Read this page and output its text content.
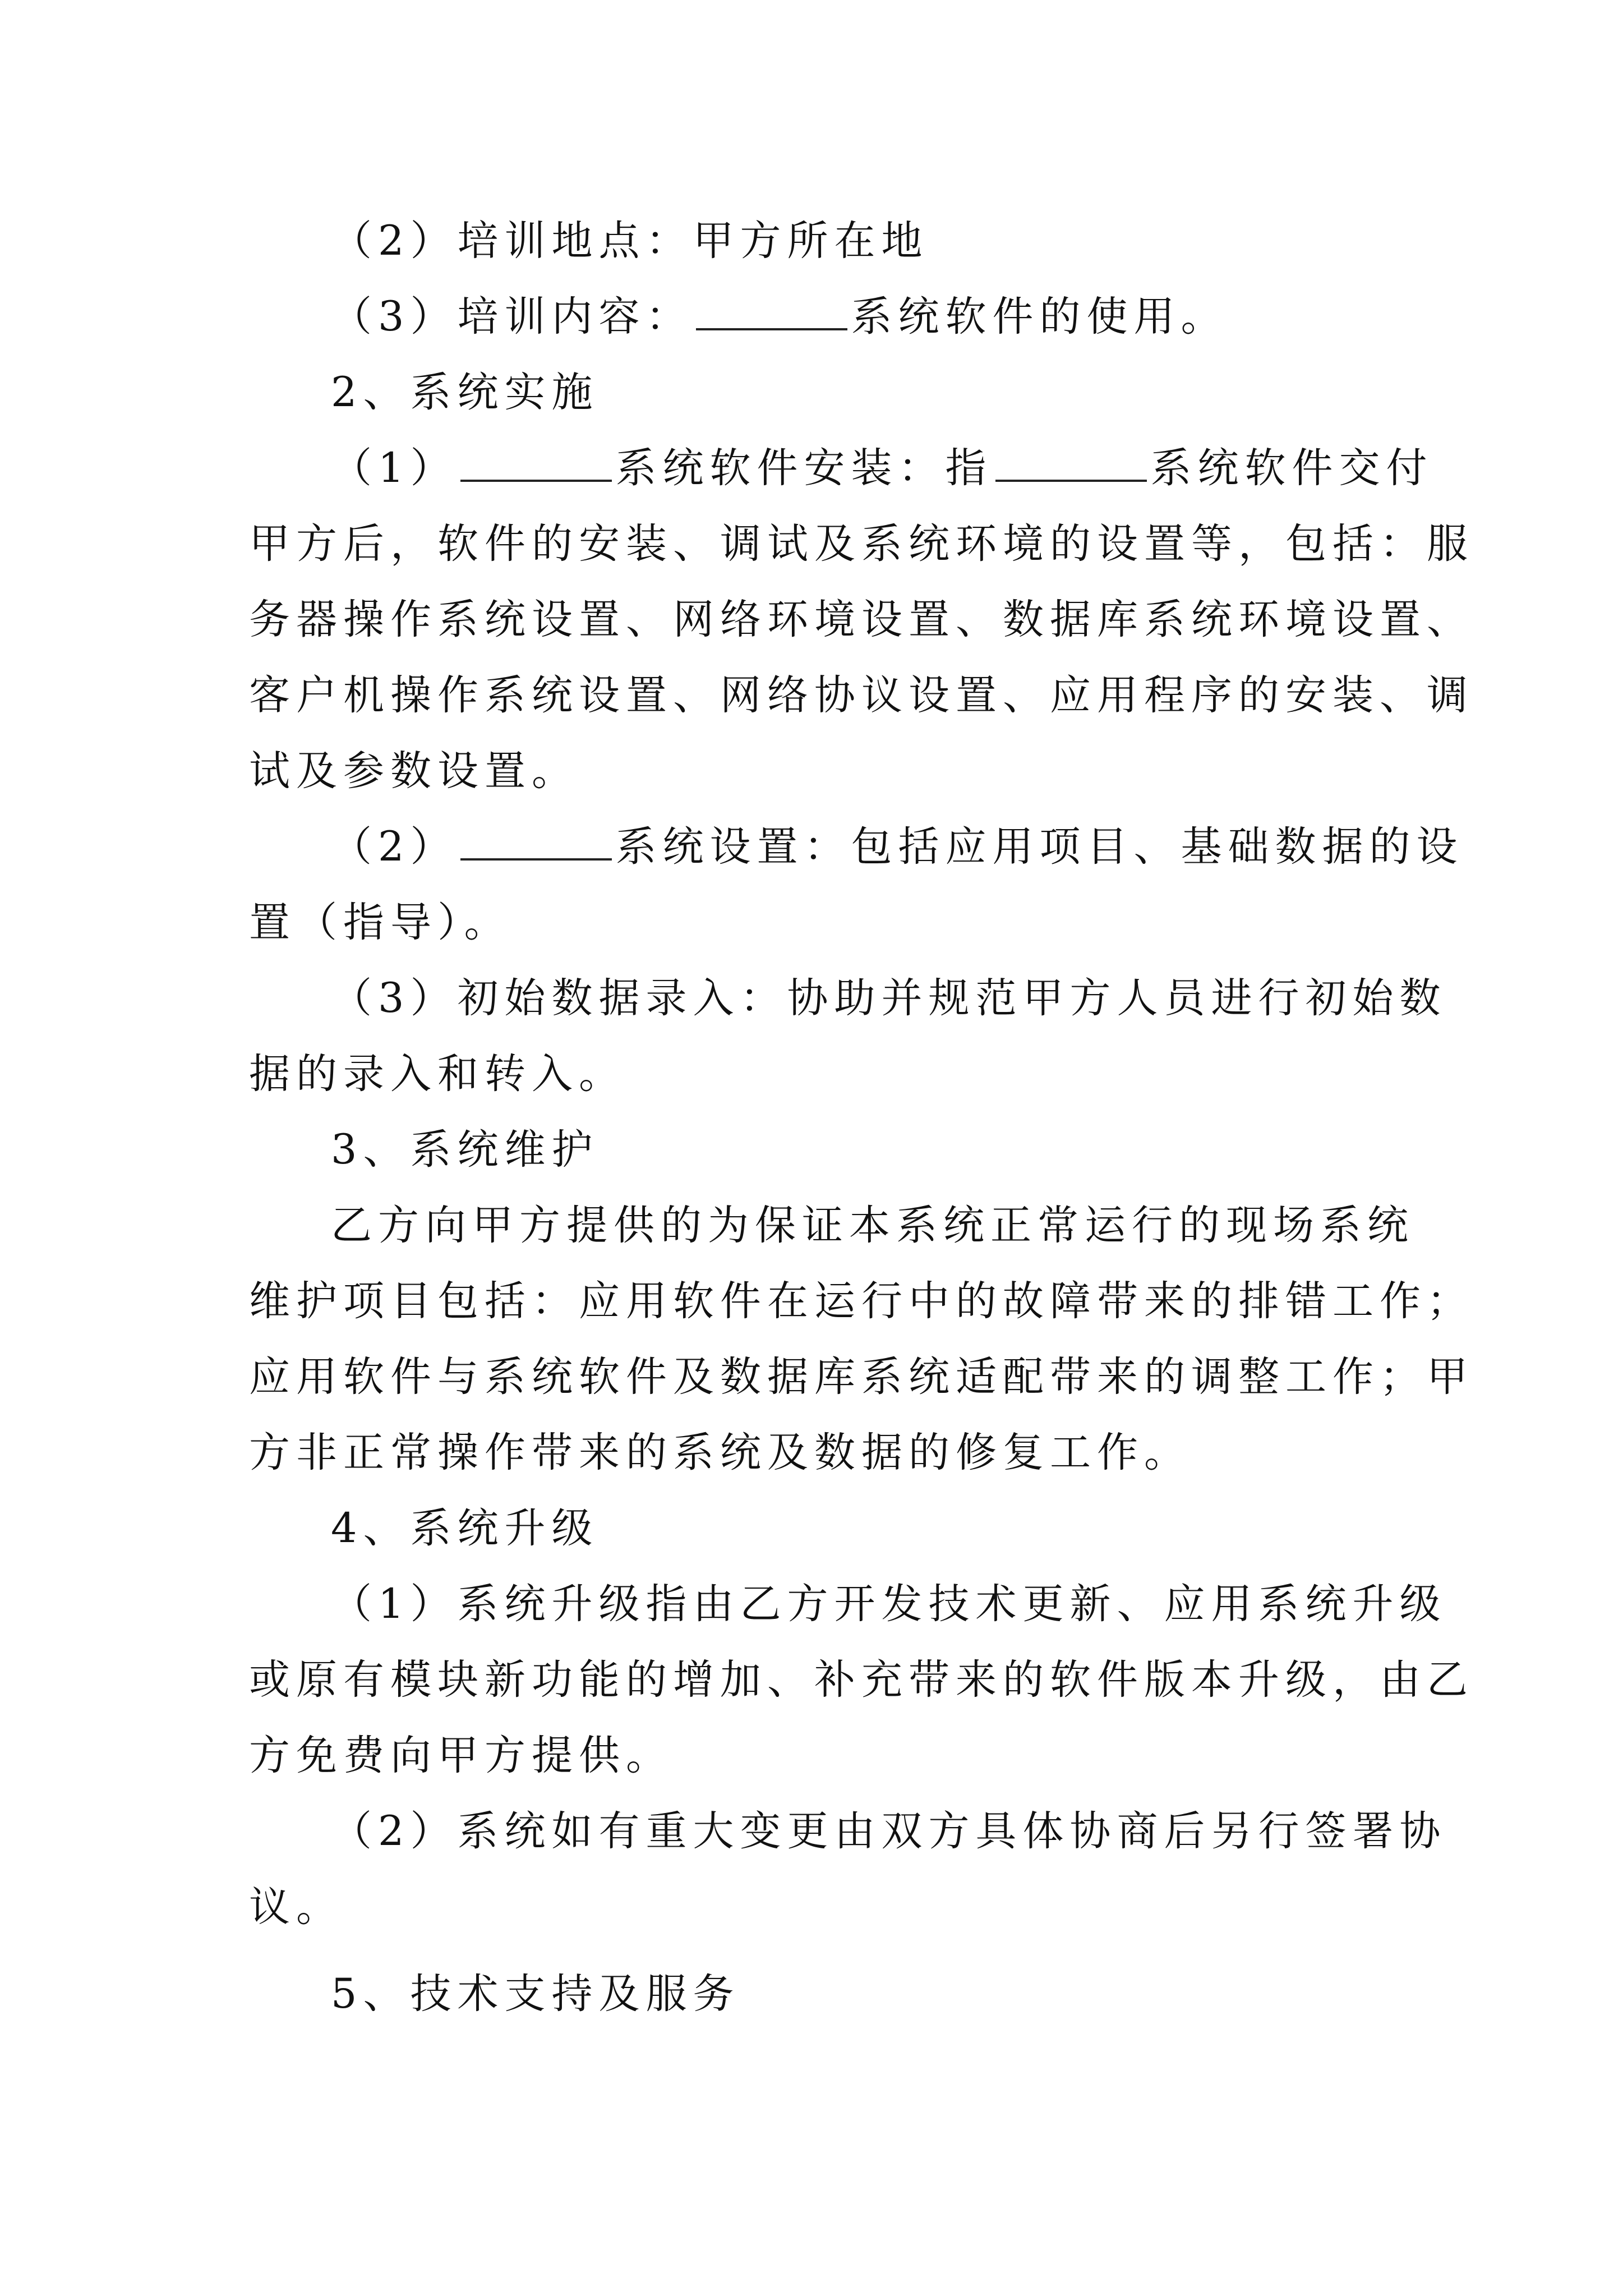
（2）培训地点：甲方所在地
（3）培训内容：	系统软件的使用。
2、系统实施
（1）	系统软件安装：指	系统软件交付
甲方后，软件的安装、调试及系统环境的设置等，包括：服
务器操作系统设置、网络环境设置、数据库系统环境设置、
客户机操作系统设置、网络协议设置、应用程序的安装、调
试及参数设置。
（2）	系统设置：包括应用项目、基础数据的设
置（指导）。
（3）初始数据录入：协助并规范甲方人员进行初始数
据的录入和转入。
3、系统维护
乙方向甲方提供的为保证本系统正常运行的现场系统
维护项目包括：应用软件在运行中的故障带来的排错工作；
应用软件与系统软件及数据库系统适配带来的调整工作；甲
方非正常操作带来的系统及数据的修复工作。
4、系统升级
（1）系统升级指由乙方开发技术更新、应用系统升级
或原有模块新功能的增加、补充带来的软件版本升级，由乙
方免费向甲方提供。
（2）系统如有重大变更由双方具体协商后另行签署协
议。
5、技术支持及服务
